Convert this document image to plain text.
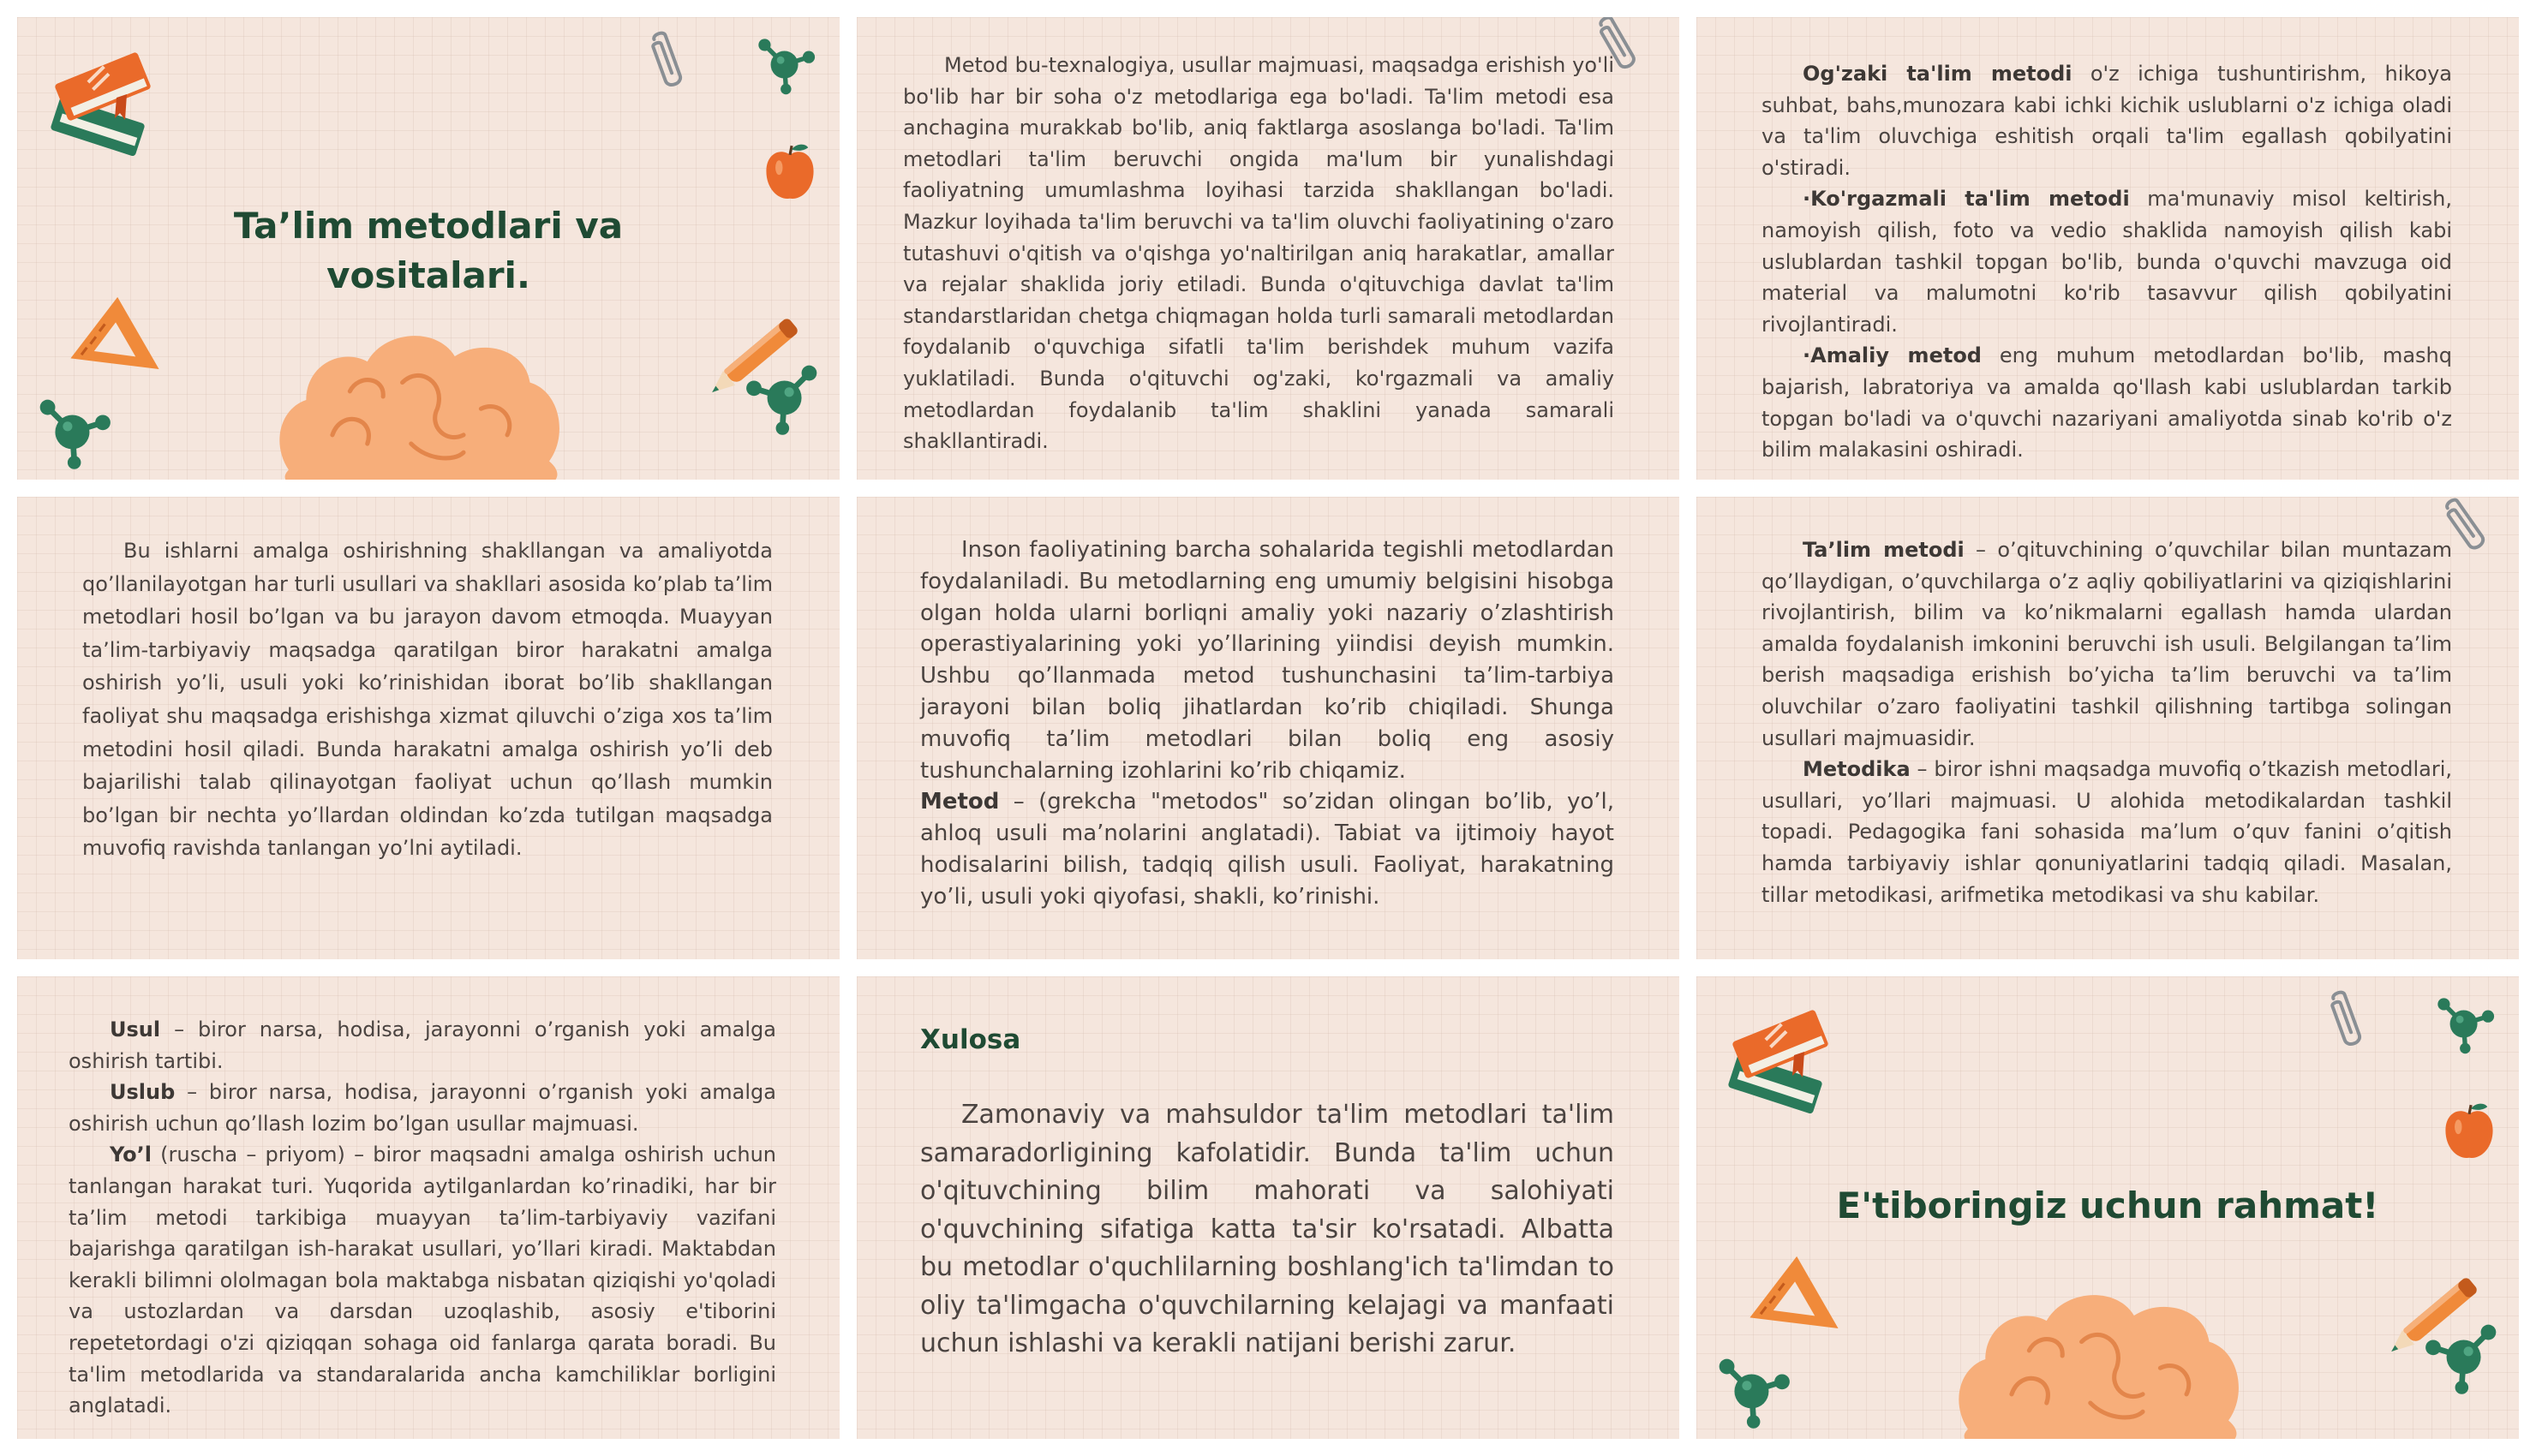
Ta’lim metodlari va vositalari.

Metod bu-texnalogiya, usullar majmuasi, maqsadga erishish yo'li bo'lib har bir soha o'z metodlariga ega bo'ladi. Ta'lim metodi esa anchagina murakkab bo'lib, aniq faktlarga asoslanga bo'ladi. Ta'lim metodlari ta'lim beruvchi ongida ma'lum bir yunalishdagi faoliyatning umumlashma loyihasi tarzida shakllangan bo'ladi. Mazkur loyihada ta'lim beruvchi va ta'lim oluvchi faoliyatining o'zaro tutashuvi o'qitish va o'qishga yo'naltirilgan aniq harakatlar, amallar va rejalar shaklida joriy etiladi. Bunda o'qituvchiga davlat ta'lim standarstlaridan chetga chiqmagan holda turli samarali metodlardan foydalanib o'quvchiga sifatli ta'lim berishdek muhum vazifa yuklatiladi. Bunda o'qituvchi og'zaki, ko'rgazmali va amaliy metodlardan foydalanib ta'lim shaklini yanada samarali shakllantiradi.

Og'zaki ta'lim metodi o'z ichiga tushuntirishm, hikoya suhbat, bahs,munozara kabi ichki kichik uslublarni o'z ichiga oladi va ta'lim oluvchiga eshitish orqali ta'lim egallash qobilyatini o'stiradi.

·Ko'rgazmali ta'lim metodi ma'munaviy misol keltirish, namoyish qilish, foto va vedio shaklida namoyish qilish kabi uslublardan tashkil topgan bo'lib, bunda o'quvchi mavzuga oid material va malumotni ko'rib tasavvur qilish qobilyatini rivojlantiradi.

·Amaliy metod eng muhum metodlardan bo'lib, mashq bajarish, labratoriya va amalda qo'llash kabi uslublardan tarkib topgan bo'ladi va o'quvchi nazariyani amaliyotda sinab ko'rib o'z bilim malakasini oshiradi.

Bu ishlarni amalga oshirishning shakllangan va amaliyotda qo’llanilayotgan har turli usullari va shakllari asosida ko’plab ta’lim metodlari hosil bo’lgan va bu jarayon davom etmoqda. Muayyan ta’lim-tarbiyaviy maqsadga qaratilgan biror harakatni amalga oshirish yo’li, usuli yoki ko’rinishidan iborat bo’lib shakllangan faoliyat shu maqsadga erishishga xizmat qiluvchi o’ziga xos ta’lim metodini hosil qiladi. Bunda harakatni amalga oshirish yo’li deb bajarilishi talab qilinayotgan faoliyat uchun qo’llash mumkin bo’lgan bir nechta yo’llardan oldindan ko’zda tutilgan maqsadga muvofiq ravishda tanlangan yo’lni aytiladi.

Inson faoliyatining barcha sohalarida tegishli metodlardan foydalaniladi. Bu metodlarning eng umumiy belgisini hisobga olgan holda ularni borliqni amaliy yoki nazariy o’zlashtirish operastiyalarining yoki yo’llarining yiindisi deyish mumkin. Ushbu qo’llanmada metod tushunchasini ta’lim-tarbiya jarayoni bilan boliq jihatlardan ko’rib chiqiladi. Shunga muvofiq ta’lim metodlari bilan boliq eng asosiy tushunchalarning izohlarini ko’rib chiqamiz.

Metod – (grekcha "metodos" so’zidan olingan bo’lib, yo’l, ahloq usuli ma’nolarini anglatadi). Tabiat va ijtimoiy hayot hodisalarini bilish, tadqiq qilish usuli. Faoliyat, harakatning yo’li, usuli yoki qiyofasi, shakli, ko’rinishi.

Ta’lim metodi – o’qituvchining o’quvchilar bilan muntazam qo’llaydigan, o’quvchilarga o’z aqliy qobiliyatlarini va qiziqishlarini rivojlantirish, bilim va ko’nikmalarni egallash hamda ulardan amalda foydalanish imkonini beruvchi ish usuli. Belgilangan ta’lim berish maqsadiga erishish bo’yicha ta’lim beruvchi va ta’lim oluvchilar o’zaro faoliyatini tashkil qilishning tartibga solingan usullari majmuasidir.

Metodika – biror ishni maqsadga muvofiq o’tkazish metodlari, usullari, yo’llari majmuasi. U alohida metodikalardan tashkil topadi. Pedagogika fani sohasida ma’lum o’quv fanini o’qitish hamda tarbiyaviy ishlar qonuniyatlarini tadqiq qiladi. Masalan, tillar metodikasi, arifmetika metodikasi va shu kabilar.

Usul – biror narsa, hodisa, jarayonni o’rganish yoki amalga oshirish tartibi.

Uslub – biror narsa, hodisa, jarayonni o’rganish yoki amalga oshirish uchun qo’llash lozim bo’lgan usullar majmuasi.

Yo’l (ruscha – priyom) – biror maqsadni amalga oshirish uchun tanlangan harakat turi. Yuqorida aytilganlardan ko’rinadiki, har bir ta’lim metodi tarkibiga muayyan ta’lim-tarbiyaviy vazifani bajarishga qaratilgan ish-harakat usullari, yo’llari kiradi. Maktabdan kerakli bilimni ololmagan bola maktabga nisbatan qiziqishi yo'qoladi va ustozlardan va darsdan uzoqlashib, asosiy e'tiborini repetetordagi o'zi qiziqqan sohaga oid fanlarga qarata boradi. Bu ta'lim metodlarida va standaralarida ancha kamchiliklar borligini anglatadi.

Xulosa

Zamonaviy va mahsuldor ta'lim metodlari ta'lim samaradorligining kafolatidir. Bunda ta'lim uchun o'qituvchining bilim mahorati va salohiyati o'quvchining sifatiga katta ta'sir ko'rsatadi. Albatta bu metodlar o'quchlilarning boshlang'ich ta'limdan to oliy ta'limgacha o'quvchilarning kelajagi va manfaati uchun ishlashi va kerakli natijani berishi zarur.

E'tiboringiz uchun rahmat!
